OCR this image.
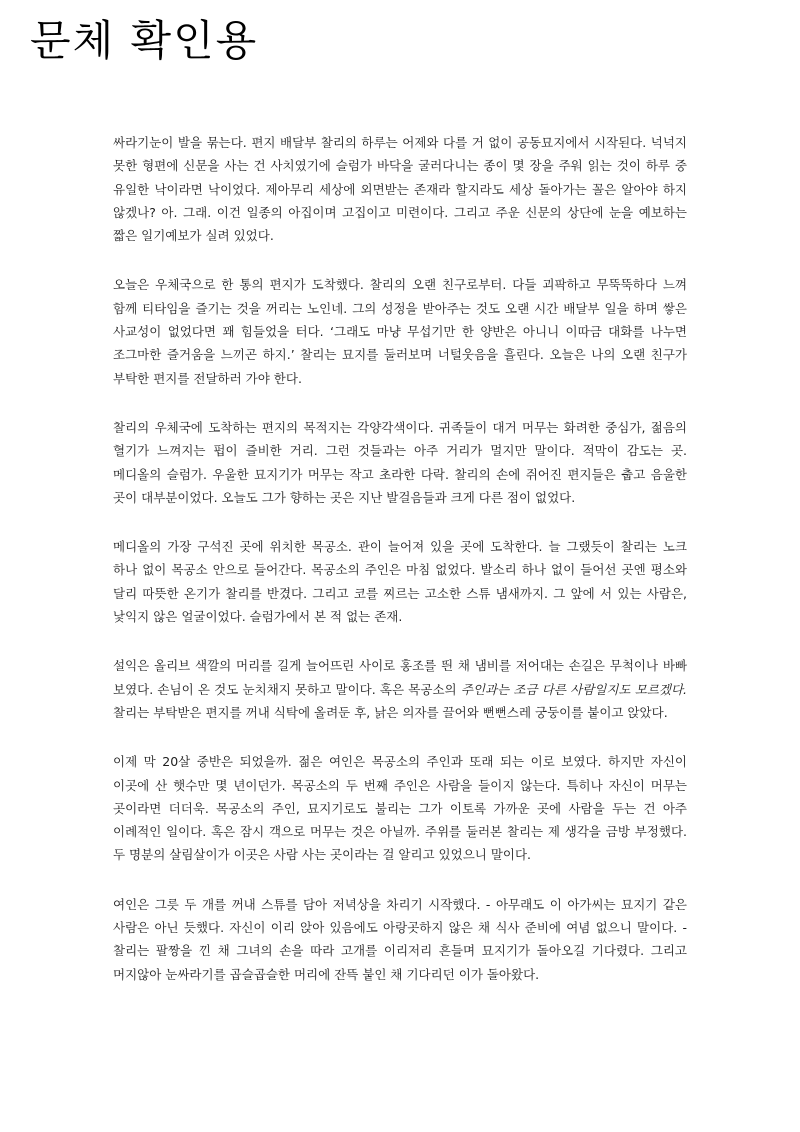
문체 확인용

싸라기눈이 발을 묶는다. 편지 배달부 찰리의 하루는 어제와 다를 거 없이 공동묘지에서 시작된다. 넉넉지 못한 형편에 신문을 사는 건 사치였기에 슬럼가 바닥을 굴러다니는 종이 몇 장을 주워 읽는 것이 하루 중 유일한 낙이라면 낙이었다. 제아무리 세상에 외면받는 존재라 할지라도 세상 돌아가는 꼴은 알아야 하지 않겠나? 아. 그래. 이건 일종의 아집이며 고집이고 미련이다. 그리고 주운 신문의 상단에 눈을 예보하는 짧은 일기예보가 실려 있었다.

오늘은 우체국으로 한 통의 편지가 도착했다. 찰리의 오랜 친구로부터. 다들 괴팍하고 무뚝뚝하다 느껴 함께 티타임을 즐기는 것을 꺼리는 노인네. 그의 성정을 받아주는 것도 오랜 시간 배달부 일을 하며 쌓은 사교성이 없었다면 꽤 힘들었을 터다. ‘그래도 마냥 무섭기만 한 양반은 아니니 이따금 대화를 나누면 조그마한 즐거움을 느끼곤 하지.’ 찰리는 묘지를 둘러보며 너털웃음을 흘린다. 오늘은 나의 오랜 친구가 부탁한 편지를 전달하러 가야 한다.

찰리의 우체국에 도착하는 편지의 목적지는 각양각색이다. 귀족들이 대거 머무는 화려한 중심가, 젊음의 혈기가 느껴지는 펍이 즐비한 거리. 그런 것들과는 아주 거리가 멀지만 말이다. 적막이 감도는 곳. 메디올의 슬럼가. 우울한 묘지기가 머무는 작고 초라한 다락. 찰리의 손에 쥐어진 편지들은 춥고 음울한 곳이 대부분이었다. 오늘도 그가 향하는 곳은 지난 발걸음들과 크게 다른 점이 없었다.

메디올의 가장 구석진 곳에 위치한 목공소. 관이 늘어져 있을 곳에 도착한다. 늘 그랬듯이 찰리는 노크 하나 없이 목공소 안으로 들어간다. 목공소의 주인은 마침 없었다. 발소리 하나 없이 들어선 곳엔 평소와 달리 따뜻한 온기가 찰리를 반겼다. 그리고 코를 찌르는 고소한 스튜 냄새까지. 그 앞에 서 있는 사람은, 낯익지 않은 얼굴이었다. 슬럼가에서 본 적 없는 존재.

설익은 올리브 색깔의 머리를 길게 늘어뜨린 사이로 홍조를 띈 채 냄비를 저어대는 손길은 무척이나 바빠 보였다. 손님이 온 것도 눈치채지 못하고 말이다. 혹은 목공소의 주인과는 조금 다른 사람일지도 모르겠다. 찰리는 부탁받은 편지를 꺼내 식탁에 올려둔 후, 낡은 의자를 끌어와 뻔뻔스레 궁둥이를 붙이고 앉았다.

이제 막 20살 중반은 되었을까. 젊은 여인은 목공소의 주인과 또래 되는 이로 보였다. 하지만 자신이 이곳에 산 햇수만 몇 년이던가. 목공소의 두 번째 주인은 사람을 들이지 않는다. 특히나 자신이 머무는 곳이라면 더더욱. 목공소의 주인, 묘지기로도 불리는 그가 이토록 가까운 곳에 사람을 두는 건 아주 이례적인 일이다. 혹은 잠시 객으로 머무는 것은 아닐까. 주위를 둘러본 찰리는 제 생각을 금방 부정했다. 두 명분의 살림살이가 이곳은 사람 사는 곳이라는 걸 알리고 있었으니 말이다.

여인은 그릇 두 개를 꺼내 스튜를 담아 저녁상을 차리기 시작했다. - 아무래도 이 아가씨는 묘지기 같은 사람은 아닌 듯했다. 자신이 이리 앉아 있음에도 아랑곳하지 않은 채 식사 준비에 여념 없으니 말이다. - 찰리는 팔짱을 낀 채 그녀의 손을 따라 고개를 이리저리 흔들며 묘지기가 돌아오길 기다렸다. 그리고 머지않아 눈싸라기를 곱슬곱슬한 머리에 잔뜩 붙인 채 기다리던 이가 돌아왔다.
